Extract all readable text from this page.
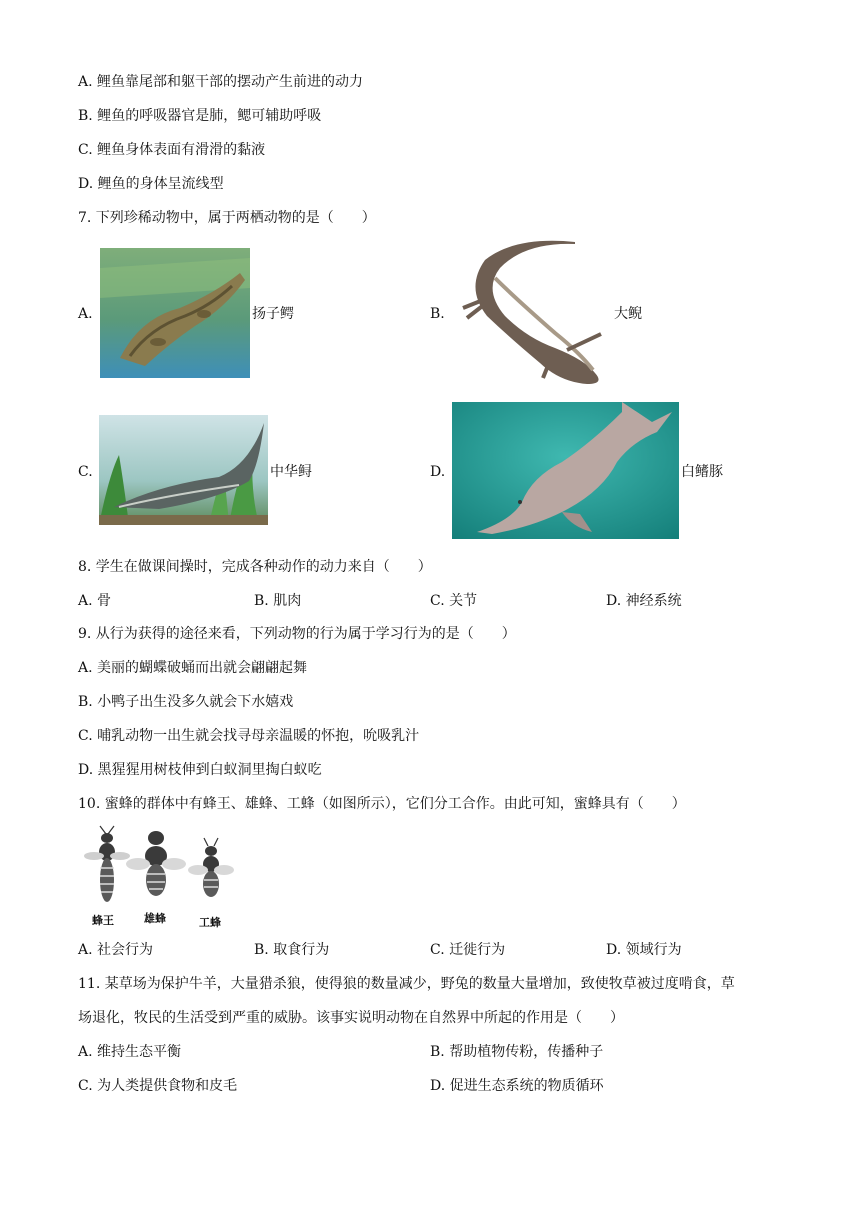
A. 鲤鱼靠尾部和躯干部的摆动产生前进的动力
B. 鲤鱼的呼吸器官是肺，鳃可辅助呼吸
C. 鲤鱼身体表面有滑滑的黏液
D. 鲤鱼的身体呈流线型
7. 下列珍稀动物中，属于两栖动物的是（　　）
A.	扬子鳄	B.	大鲵
C.	中华鲟	D.	白鳍豚
8. 学生在做课间操时，完成各种动作的动力来自（　　）
A. 骨	B. 肌肉	C. 关节	D. 神经系统
9. 从行为获得的途径来看，下列动物的行为属于学习行为的是（　　）
A. 美丽的蝴蝶破蛹而出就会翩翩起舞
B. 小鸭子出生没多久就会下水嬉戏
C. 哺乳动物一出生就会找寻母亲温暖的怀抱，吮吸乳汁
D. 黑猩猩用树枝伸到白蚁洞里掏白蚁吃
10. 蜜蜂的群体中有蜂王、雄蜂、工蜂（如图所示），它们分工合作。由此可知，蜜蜂具有（　　）
蜂王	雄蜂	工蜂
A. 社会行为	B. 取食行为	C. 迁徙行为	D. 领域行为
11. 某草场为保护牛羊，大量猎杀狼，使得狼的数量减少，野兔的数量大量增加，致使牧草被过度啃食，草
场退化，牧民的生活受到严重的威胁。该事实说明动物在自然界中所起的作用是（　　）
A. 维持生态平衡	B. 帮助植物传粉，传播种子
C. 为人类提供食物和皮毛	D. 促进生态系统的物质循环
